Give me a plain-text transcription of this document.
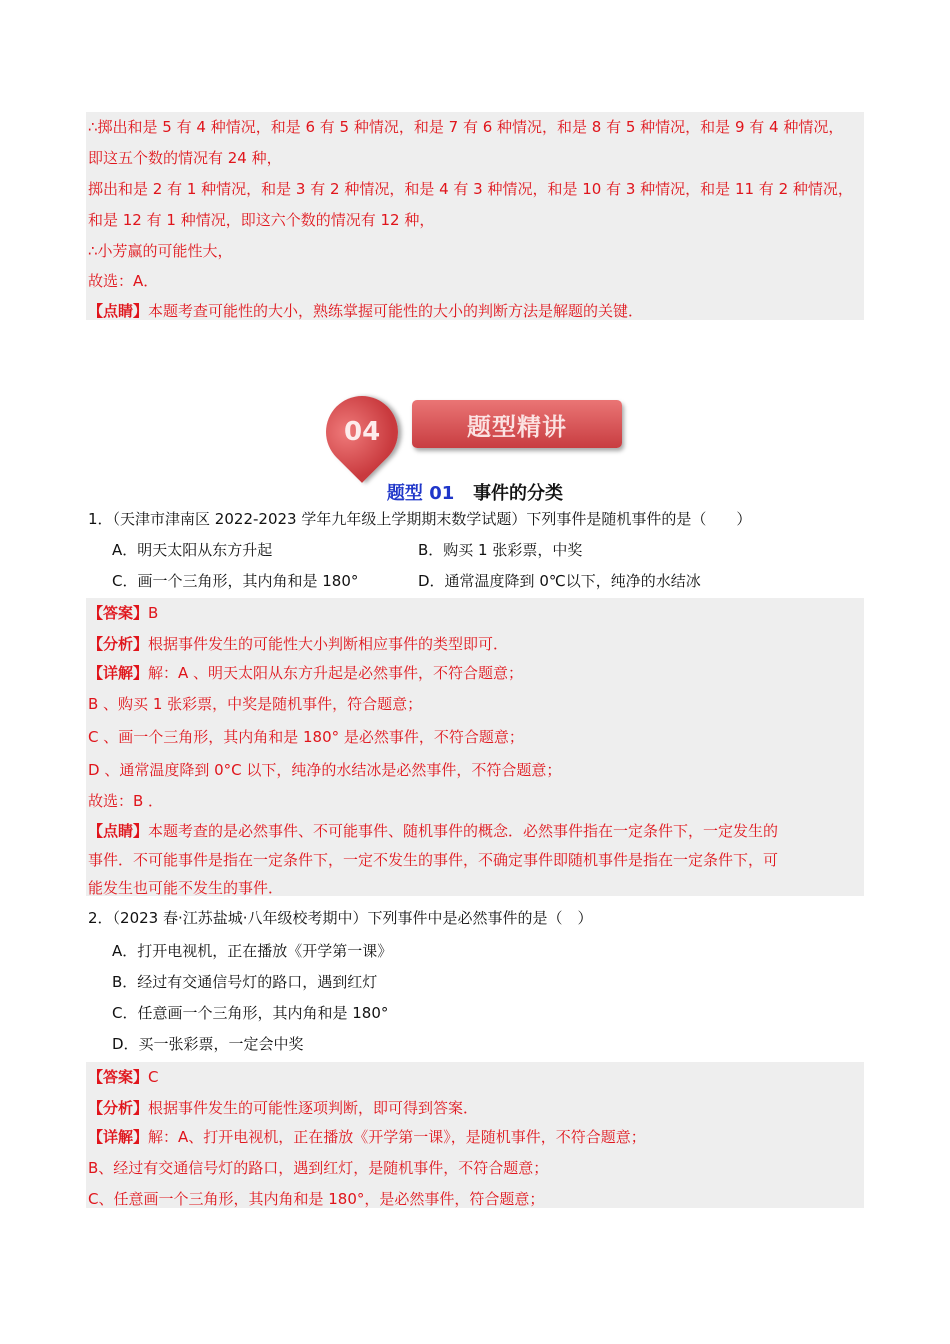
∴掷出和是 5 有 4 种情况，和是 6 有 5 种情况，和是 7 有 6 种情况，和是 8 有 5 种情况，和是 9 有 4 种情况，
即这五个数的情况有 24 种，
掷出和是 2 有 1 种情况，和是 3 有 2 种情况，和是 4 有 3 种情况，和是 10 有 3 种情况，和是 11 有 2 种情况，
和是 12 有 1 种情况，即这六个数的情况有 12 种，
∴小芳赢的可能性大，
故选：A．
【点睛】本题考查可能性的大小，熟练掌握可能性的大小的判断方法是解题的关键．
04	题型精讲
题型 01 事件的分类
1．（天津市津南区 2022-2023 学年九年级上学期期末数学试题）下列事件是随机事件的是（　　）
A．明天太阳从东方升起	B．购买 1 张彩票，中奖
C．画一个三角形，其内角和是 180°	D．通常温度降到 0℃以下，纯净的水结冰
【答案】B
【分析】根据事件发生的可能性大小判断相应事件的类型即可．
【详解】解：A 、明天太阳从东方升起是必然事件，不符合题意；
B 、购买 1 张彩票，中奖是随机事件，符合题意；
C 、画一个三角形，其内角和是 180° 是必然事件，不符合题意；
D 、通常温度降到 0°C 以下，纯净的水结冰是必然事件，不符合题意；
故选：B ．
【点睛】本题考查的是必然事件、不可能事件、随机事件的概念．必然事件指在一定条件下，一定发生的
事件．不可能事件是指在一定条件下，一定不发生的事件，不确定事件即随机事件是指在一定条件下，可
能发生也可能不发生的事件．
2．（2023 春·江苏盐城·八年级校考期中）下列事件中是必然事件的是（　）
A．打开电视机，正在播放《开学第一课》
B．经过有交通信号灯的路口，遇到红灯
C．任意画一个三角形，其内角和是 180°
D．买一张彩票，一定会中奖
【答案】C
【分析】根据事件发生的可能性逐项判断，即可得到答案．
【详解】解：A、打开电视机，正在播放《开学第一课》，是随机事件，不符合题意；
B、经过有交通信号灯的路口，遇到红灯，是随机事件，不符合题意；
C、任意画一个三角形，其内角和是 180°，是必然事件，符合题意；
